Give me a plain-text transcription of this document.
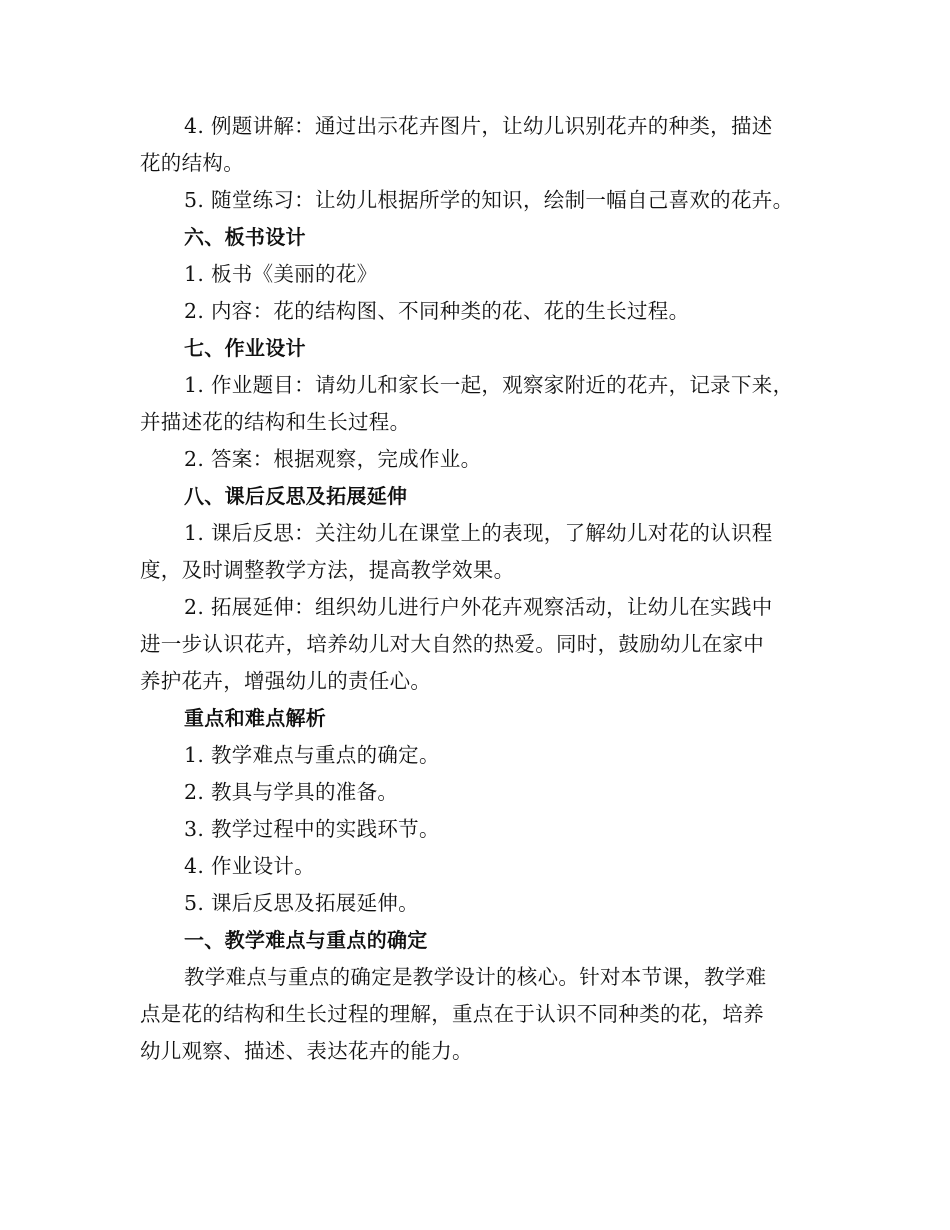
4. 例题讲解：通过出示花卉图片，让幼儿识别花卉的种类，描述
花的结构。
5. 随堂练习：让幼儿根据所学的知识，绘制一幅自己喜欢的花卉。
六、板书设计
1. 板书《美丽的花》
2. 内容：花的结构图、不同种类的花、花的生长过程。
七、作业设计
1. 作业题目：请幼儿和家长一起，观察家附近的花卉，记录下来，
并描述花的结构和生长过程。
2. 答案：根据观察，完成作业。
八、课后反思及拓展延伸
1. 课后反思：关注幼儿在课堂上的表现，了解幼儿对花的认识程
度，及时调整教学方法，提高教学效果。
2. 拓展延伸：组织幼儿进行户外花卉观察活动，让幼儿在实践中
进一步认识花卉，培养幼儿对大自然的热爱。同时，鼓励幼儿在家中
养护花卉，增强幼儿的责任心。
重点和难点解析
1. 教学难点与重点的确定。
2. 教具与学具的准备。
3. 教学过程中的实践环节。
4. 作业设计。
5. 课后反思及拓展延伸。
一、教学难点与重点的确定
教学难点与重点的确定是教学设计的核心。针对本节课，教学难
点是花的结构和生长过程的理解，重点在于认识不同种类的花，培养
幼儿观察、描述、表达花卉的能力。
